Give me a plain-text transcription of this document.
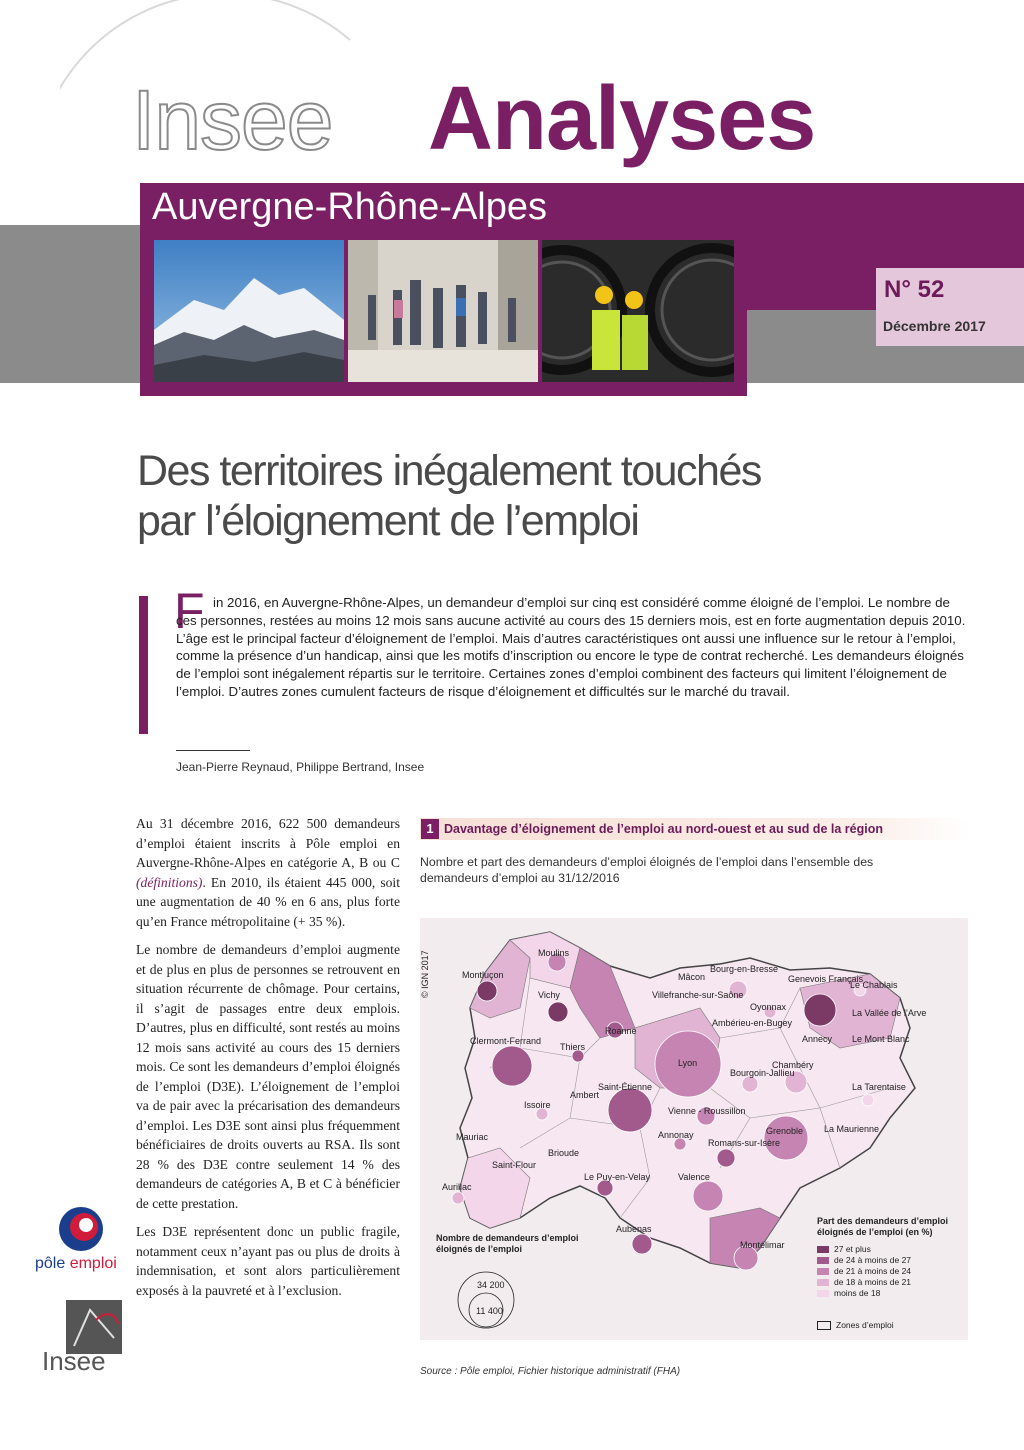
N° 52
Décembre 2017
Insee Analyses
Auvergne-Rhône-Alpes
Des territoires inégalement touchés
par l’éloignement de l’emploi
F in 2016, en Auvergne-Rhône-Alpes, un demandeur d’emploi sur cinq est considéré comme éloigné de l’emploi. Le nombre de ces personnes, restées au moins 12 mois sans aucune activité au cours des 15 derniers mois, est en forte augmentation depuis 2010. L’âge est le principal facteur d’éloignement de l’emploi. Mais d’autres caractéristiques ont aussi une influence sur le retour à l’emploi, comme la présence d’un handicap, ainsi que les motifs d’inscription ou encore le type de contrat recherché. Les demandeurs éloignés de l’emploi sont inégalement répartis sur le territoire. Certaines zones d’emploi combinent des facteurs qui limitent l’éloignement de l’emploi. D’autres zones cumulent facteurs de risque d’éloignement et difficultés sur le marché du travail.
Jean-Pierre Reynaud, Philippe Bertrand, Insee

Au 31 décembre 2016, 622 500 demandeurs d’emploi étaient inscrits à Pôle emploi en Auvergne-Rhône-Alpes en catégorie A, B ou C (définitions). En 2010, ils étaient 445 000, soit une augmentation de 40 % en 6 ans, plus forte qu’en France métropolitaine (+ 35 %).

Le nombre de demandeurs d’emploi augmente et de plus en plus de personnes se retrouvent en situation récurrente de chômage. Pour certains, il s’agit de passages entre deux emplois. D’autres, plus en difficulté, sont restés au moins 12 mois sans activité au cours des 15 derniers mois. Ce sont les demandeurs d’emploi éloignés de l’emploi (D3E). L’éloignement de l’emploi va de pair avec la précarisation des demandeurs d’emploi. Les D3E sont ainsi plus fréquemment bénéficiaires de droits ouverts au RSA. Ils sont 28 % des D3E contre seulement 14 % des demandeurs de catégories A, B et C à bénéficier de cette prestation.

Les D3E représentent donc un public fragile, notamment ceux n’ayant pas ou plus de droits à indemnisation, et sont alors particulièrement exposés à la pauvreté et à l’exclusion.

1 Davantage d’éloignement de l’emploi au nord-ouest et au sud de la région
Nombre et part des demandeurs d’emploi éloignés de l’emploi dans l’ensemble des demandeurs d’emploi au 31/12/2016
Moulins
Montluçon
Vichy
Mâcon
Bourg-en-Bresse
Genevois Français
Le Chablais
Villefranche-sur-Saône
Oyonnax
La Vallée de l’Arve
Roanne
Ambérieu-en-Bugey
Annecy Le Mont Blanc
Clermont-Ferrand
Thiers
Lyon
Bourgoin-Jallieu
Chambéry
Saint-Étienne	La Tarentaise
Issoire
Ambert
Vienne - Roussillon
Mauriac	Annonay	Grenoble La Maurienne
Romans-sur-Isère
Brioude
Saint-Flour
Le Puy-en-Velay	Valence
Aurillac
Aubenas
Montélimar
© IGN 2017
34 200
11 400
Nombre de demandeurs d’emploi éloignés de l’emploi
Part des demandeurs d’emploi éloignés de l’emploi (en %)
27 et plus
de 24 à moins de 27
de 21 à moins de 24
de 18 à moins de 21
moins de 18
Zones d’emploi
Source : Pôle emploi, Fichier historique administratif (FHA)
pôle emploi
Insee
